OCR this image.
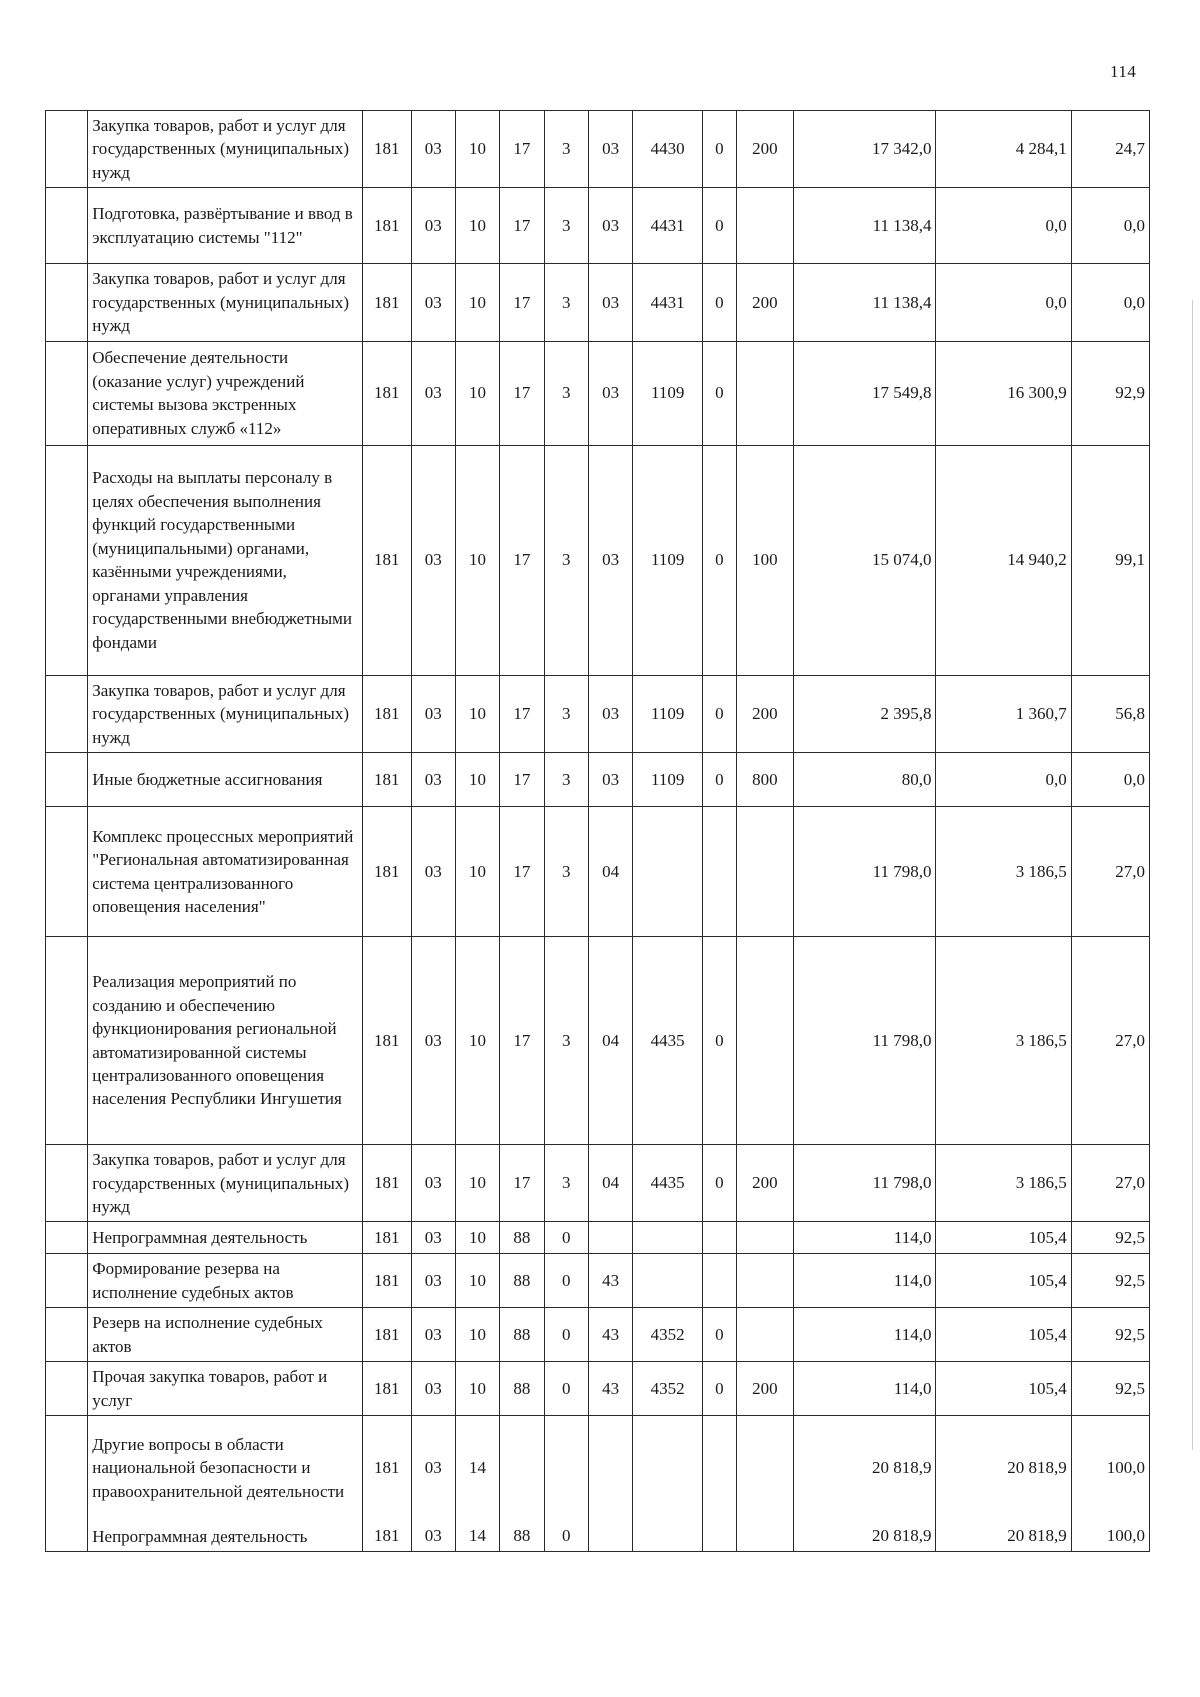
114
	Закупка товаров, работ и услуг для государственных (муниципальных) нужд	181	03	10	17	3	03	4430	0	200	17 342,0	4 284,1	24,7
	Подготовка, развёртывание и ввод в эксплуатацию системы "112"	181	03	10	17	3	03	4431	0		11 138,4	0,0	0,0
	Закупка товаров, работ и услуг для государственных (муниципальных) нужд	181	03	10	17	3	03	4431	0	200	11 138,4	0,0	0,0
	Обеспечение деятельности (оказание услуг) учреждений системы вызова экстренных оперативных служб «112»	181	03	10	17	3	03	1109	0		17 549,8	16 300,9	92,9
	Расходы на выплаты персоналу в целях обеспечения выполнения функций государственными (муниципальными) органами, казёнными учреждениями, органами управления государственными внебюджетными фондами	181	03	10	17	3	03	1109	0	100	15 074,0	14 940,2	99,1
	Закупка товаров, работ и услуг для государственных (муниципальных) нужд	181	03	10	17	3	03	1109	0	200	2 395,8	1 360,7	56,8
	Иные бюджетные ассигнования	181	03	10	17	3	03	1109	0	800	80,0	0,0	0,0
	Комплекс процессных мероприятий "Региональная автоматизированная система централизованного оповещения населения"	181	03	10	17	3	04				11 798,0	3 186,5	27,0
	Реализация мероприятий по созданию и обеспечению функционирования региональной автоматизированной системы централизованного оповещения населения Республики Ингушетия	181	03	10	17	3	04	4435	0		11 798,0	3 186,5	27,0
	Закупка товаров, работ и услуг для государственных (муниципальных) нужд	181	03	10	17	3	04	4435	0	200	11 798,0	3 186,5	27,0
	Непрограммная деятельность	181	03	10	88	0					114,0	105,4	92,5
	Формирование резерва на исполнение судебных актов	181	03	10	88	0	43				114,0	105,4	92,5
	Резерв на исполнение судебных актов	181	03	10	88	0	43	4352	0		114,0	105,4	92,5
	Прочая закупка товаров, работ и услуг	181	03	10	88	0	43	4352	0	200	114,0	105,4	92,5
	Другие вопросы в области национальной безопасности и правоохранительной деятельности	181	03	14							20 818,9	20 818,9	100,0
	Непрограммная деятельность	181	03	14	88	0					20 818,9	20 818,9	100,0
